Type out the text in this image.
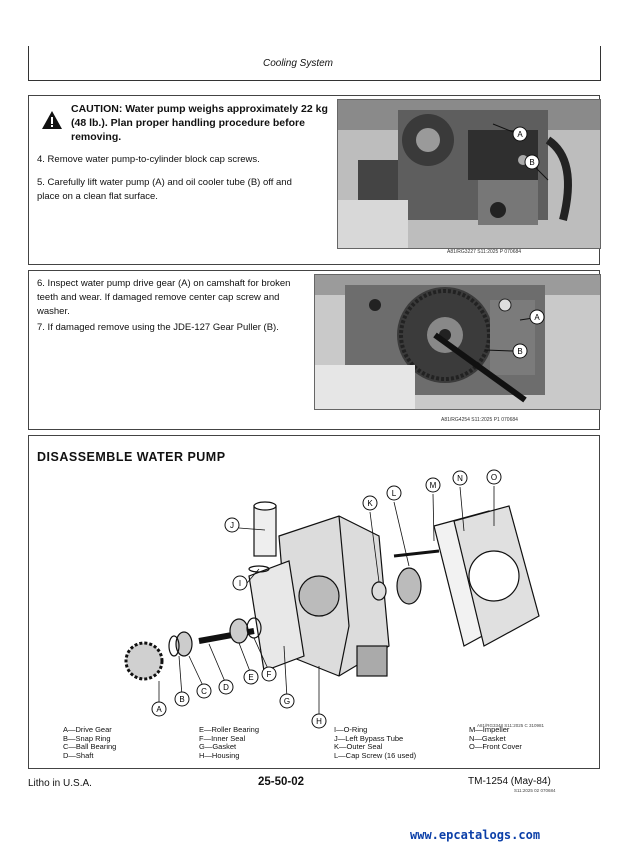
Cooling System
CAUTION: Water pump weighs approximately 22 kg (48 lb.). Plan proper handling procedure before removing.
4. Remove water pump-to-cylinder block cap screws.
5. Carefully lift water pump (A) and oil cooler tube (B) off and place on a clean flat surface.
A
B
A81/RG3227 S11:2025 P 070684
6. Inspect water pump drive gear (A) on camshaft for broken teeth and wear. If damaged remove center cap screw and washer.
7. If damaged remove using the JDE-127 Gear Puller (B).
A
B
A81/RG4254 S11:2025 P1 070684
DISASSEMBLE WATER PUMP
A
B
C D
E F
G
H
I
J
K
L
M
N	O
A—Drive Gear
B—Snap Ring
C—Ball Bearing
D—Shaft
E—Roller Bearing
F—Inner Seal
G—Gasket
H—Housing
I—O-Ring
J—Left Bypass Tube
K—Outer Seal
L—Cap Screw (16 used)
M—Impeller
N—Gasket
O—Front Cover
A81/RG3348 S11:2025 C 310981
Litho in U.S.A.	25-50-02	TM-1254 (May-84)
S11:2025 02 070684
www.epcatalogs.com
